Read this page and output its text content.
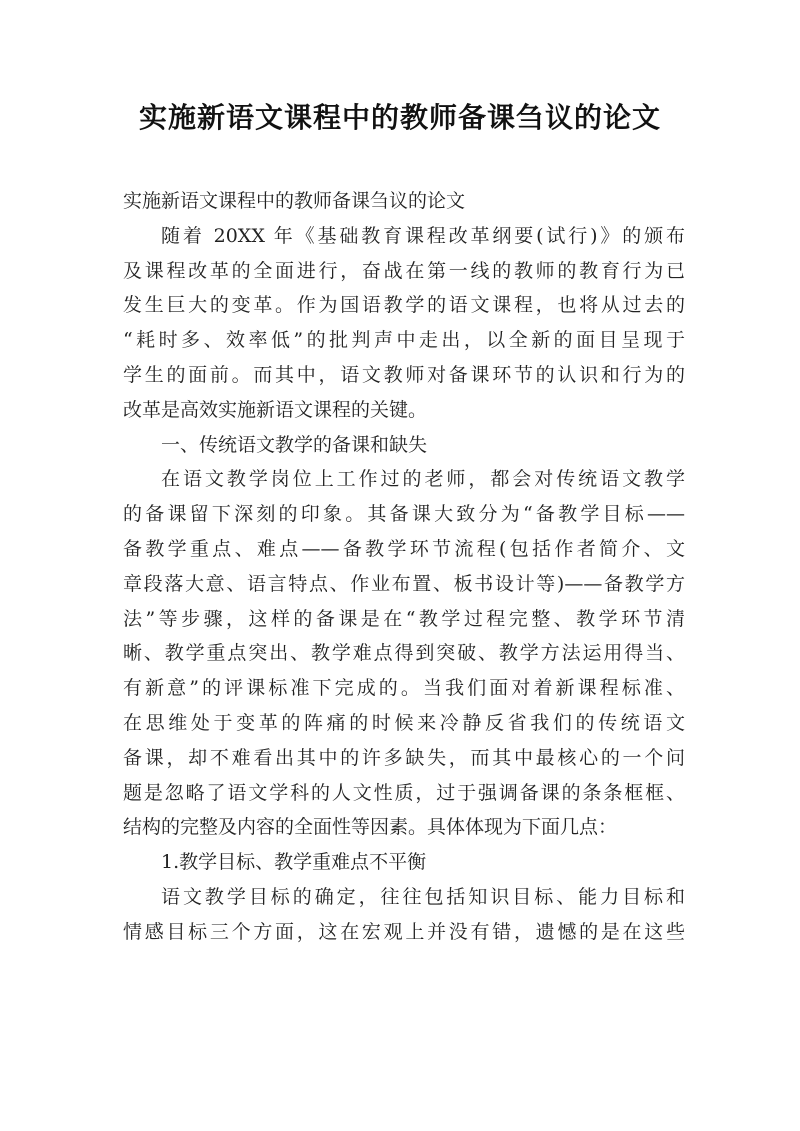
实施新语文课程中的教师备课刍议的论文
实施新语文课程中的教师备课刍议的论文
随着 20XX 年《基础教育课程改革纲要(试行)》的颁布
及课程改革的全面进行，奋战在第一线的教师的教育行为已
发生巨大的变革。作为国语教学的语文课程，也将从过去的
“耗时多、效率低”的批判声中走出，以全新的面目呈现于
学生的面前。而其中，语文教师对备课环节的认识和行为的
改革是高效实施新语文课程的关键。
一、传统语文教学的备课和缺失
在语文教学岗位上工作过的老师，都会对传统语文教学
的备课留下深刻的印象。其备课大致分为“备教学目标——
备教学重点、难点——备教学环节流程(包括作者简介、文
章段落大意、语言特点、作业布置、板书设计等)——备教学方
法”等步骤，这样的备课是在“教学过程完整、教学环节清
晰、教学重点突出、教学难点得到突破、教学方法运用得当、
有新意”的评课标准下完成的。当我们面对着新课程标准、
在思维处于变革的阵痛的时候来冷静反省我们的传统语文
备课，却不难看出其中的许多缺失，而其中最核心的一个问
题是忽略了语文学科的人文性质，过于强调备课的条条框框、
结构的完整及内容的全面性等因素。具体体现为下面几点：
1.教学目标、教学重难点不平衡
语文教学目标的确定，往往包括知识目标、能力目标和
情感目标三个方面，这在宏观上并没有错，遗憾的是在这些
